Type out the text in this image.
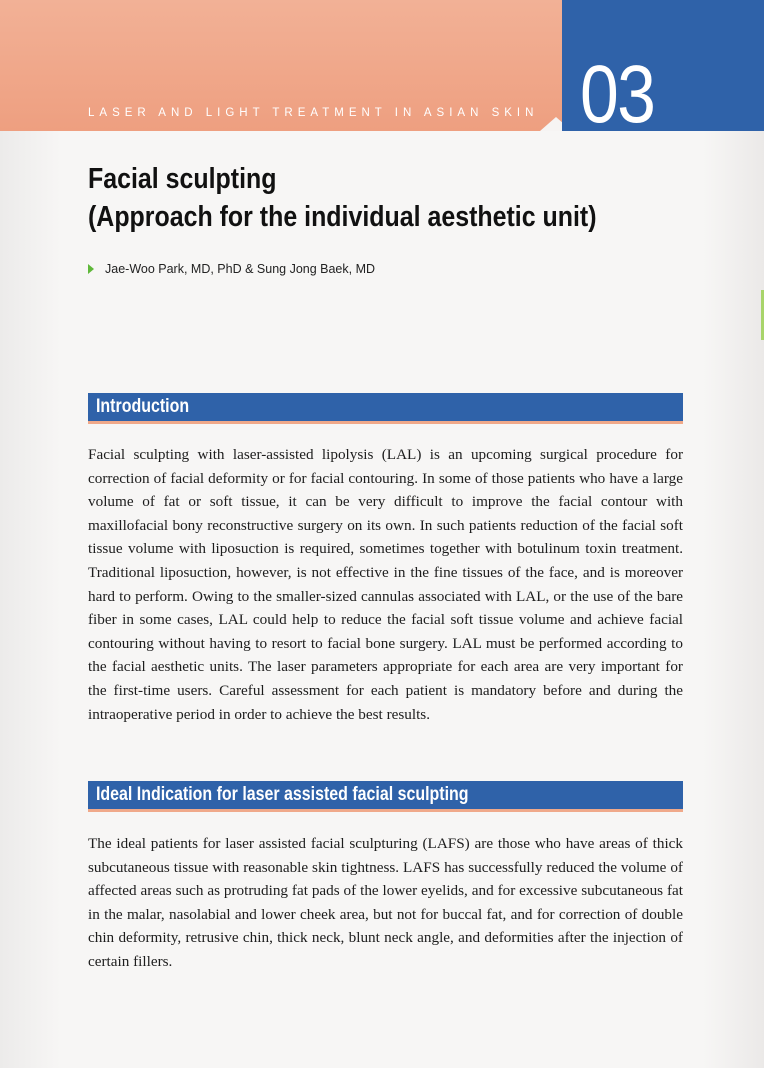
LASER AND LIGHT TREATMENT IN ASIAN SKIN 03
Facial sculpting
(Approach for the individual aesthetic unit)
Jae-Woo Park, MD, PhD & Sung Jong Baek, MD
Introduction

Facial sculpting with laser-assisted lipolysis (LAL) is an upcoming surgical procedure for correction of facial deformity or for facial contouring. In some of those patients who have a large volume of fat or soft tissue, it can be very difficult to improve the facial contour with maxillofacial bony reconstructive surgery on its own. In such patients reduction of the facial soft tissue volume with liposuction is required, sometimes together with botulinum toxin treatment. Traditional liposuction, however, is not effective in the fine tissues of the face, and is moreover hard to perform. Owing to the smaller-sized cannulas associated with LAL, or the use of the bare fiber in some cases, LAL could help to reduce the facial soft tissue volume and achieve facial contouring without having to resort to facial bone surgery. LAL must be performed according to the facial aesthetic units. The laser parameters appropriate for each area are very important for the first-time users. Careful assessment for each patient is mandatory before and during the intraoperative period in order to achieve the best results.

Ideal Indication for laser assisted facial sculpting

The ideal patients for laser assisted facial sculpturing (LAFS) are those who have areas of thick subcutaneous tissue with reasonable skin tightness. LAFS has successfully reduced the volume of affected areas such as protruding fat pads of the lower eyelids, and for excessive subcutaneous fat in the malar, nasolabial and lower cheek area, but not for buccal fat, and for correction of double chin deformity, retrusive chin, thick neck, blunt neck angle, and deformities after the injection of certain fillers.
